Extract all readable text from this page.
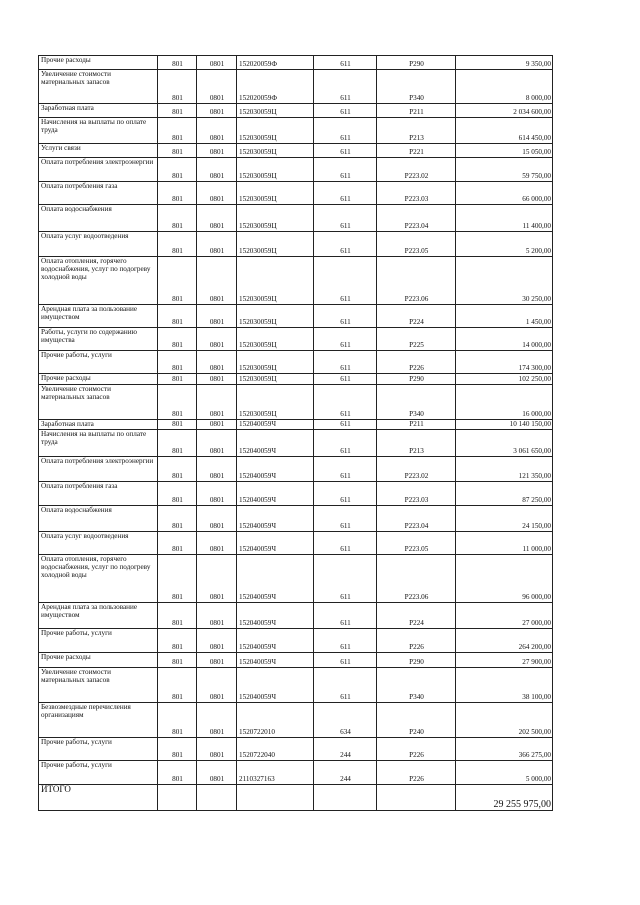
Прочие расходы	801	0801	152020059Ф	611	Р290	9 350,00
Увеличение стоимости материальных запасов	801	0801	152020059Ф	611	Р340	8 000,00
Заработная плата	801	0801	152030059Ц	611	Р211	2 034 600,00
Начисления на выплаты по оплате труда	801	0801	152030059Ц	611	Р213	614 450,00
Услуги связи	801	0801	152030059Ц	611	Р221	15 050,00
Оплата потребления электроэнергии	801	0801	152030059Ц	611	Р223.02	59 750,00
Оплата потребления газа	801	0801	152030059Ц	611	Р223.03	66 000,00
Оплата водоснабжения	801	0801	152030059Ц	611	Р223.04	11 400,00
Оплата услуг водоотведения	801	0801	152030059Ц	611	Р223.05	5 200,00
Оплата отопления, горячего водоснабжения, услуг по подогреву холодной воды	801	0801	152030059Ц	611	Р223.06	30 250,00
Арендная плата за пользование имуществом	801	0801	152030059Ц	611	Р224	1 450,00
Работы, услуги по содержанию имущества	801	0801	152030059Ц	611	Р225	14 000,00
Прочие работы, услуги	801	0801	152030059Ц	611	Р226	174 300,00
Прочие расходы	801	0801	152030059Ц	611	Р290	102 250,00
Увеличение стоимости материальных запасов	801	0801	152030059Ц	611	Р340	16 000,00
Заработная плата	801	0801	152040059Ч	611	Р211	10 140 150,00
Начисления на выплаты по оплате труда	801	0801	152040059Ч	611	Р213	3 061 650,00
Оплата потребления электроэнергии	801	0801	152040059Ч	611	Р223.02	121 350,00
Оплата потребления газа	801	0801	152040059Ч	611	Р223.03	87 250,00
Оплата водоснабжения	801	0801	152040059Ч	611	Р223.04	24 150,00
Оплата услуг водоотведения	801	0801	152040059Ч	611	Р223.05	11 000,00
Оплата отопления, горячего водоснабжения, услуг по подогреву холодной воды	801	0801	152040059Ч	611	Р223.06	96 000,00
Арендная плата за пользование имуществом	801	0801	152040059Ч	611	Р224	27 000,00
Прочие работы, услуги	801	0801	152040059Ч	611	Р226	264 200,00
Прочие расходы	801	0801	152040059Ч	611	Р290	27 900,00
Увеличение стоимости материальных запасов	801	0801	152040059Ч	611	Р340	38 100,00
Безвозмездные перечисления организациям	801	0801	1520722010	634	Р240	202 500,00
Прочие работы, услуги	801	0801	1520722040	244	Р226	366 275,00
Прочие работы, услуги	801	0801	2110327163	244	Р226	5 000,00
ИТОГО						29 255 975,00
